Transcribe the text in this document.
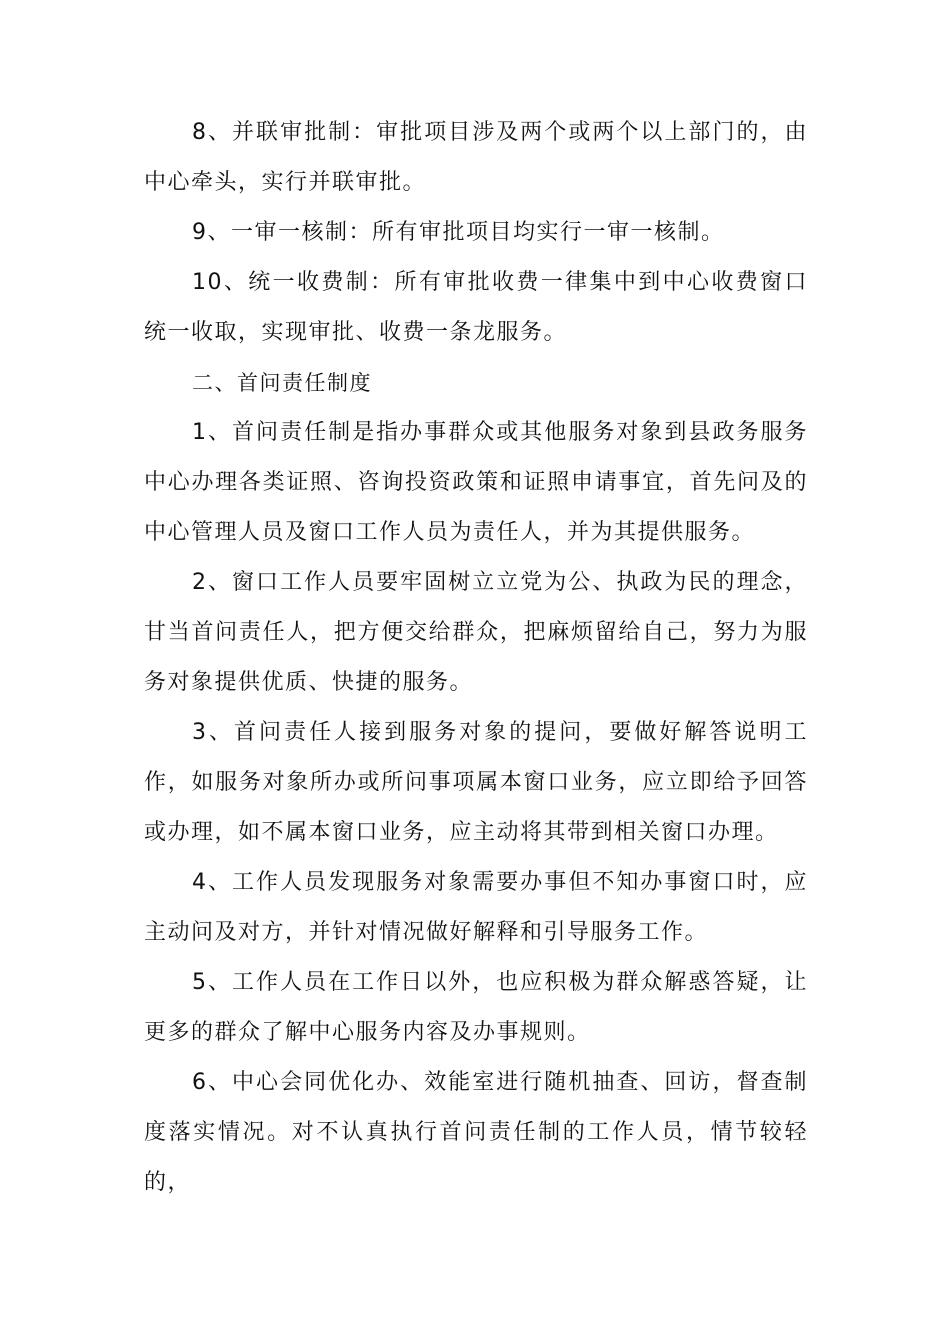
8、并联审批制：审批项目涉及两个或两个以上部门的，由中心牵头，实行并联审批。

9、一审一核制：所有审批项目均实行一审一核制。

10、统一收费制：所有审批收费一律集中到中心收费窗口统一收取，实现审批、收费一条龙服务。

二、首问责任制度

1、首问责任制是指办事群众或其他服务对象到县政务服务中心办理各类证照、咨询投资政策和证照申请事宜，首先问及的中心管理人员及窗口工作人员为责任人，并为其提供服务。

2、窗口工作人员要牢固树立立党为公、执政为民的理念，甘当首问责任人，把方便交给群众，把麻烦留给自己，努力为服务对象提供优质、快捷的服务。

3、首问责任人接到服务对象的提问，要做好解答说明工作，如服务对象所办或所问事项属本窗口业务，应立即给予回答或办理，如不属本窗口业务，应主动将其带到相关窗口办理。

4、工作人员发现服务对象需要办事但不知办事窗口时，应主动问及对方，并针对情况做好解释和引导服务工作。

5、工作人员在工作日以外，也应积极为群众解惑答疑，让更多的群众了解中心服务内容及办事规则。

6、中心会同优化办、效能室进行随机抽查、回访，督查制度落实情况。对不认真执行首问责任制的工作人员，情节较轻的，
